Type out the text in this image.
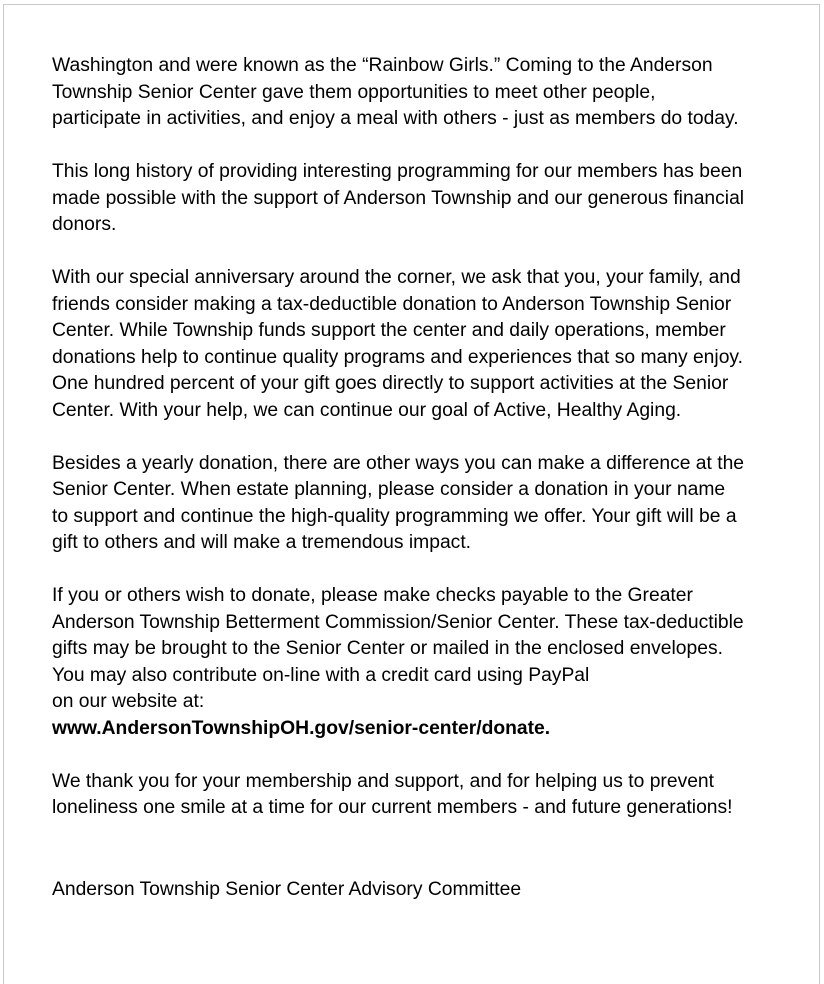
Washington and were known as the “Rainbow Girls.” Coming to the Anderson
Township Senior Center gave them opportunities to meet other people,
participate in activities, and enjoy a meal with others - just as members do today.

This long history of providing interesting programming for our members has been
made possible with the support of Anderson Township and our generous financial
donors.

With our special anniversary around the corner, we ask that you, your family, and
friends consider making a tax-deductible donation to Anderson Township Senior
Center. While Township funds support the center and daily operations, member
donations help to continue quality programs and experiences that so many enjoy.
One hundred percent of your gift goes directly to support activities at the Senior
Center. With your help, we can continue our goal of Active, Healthy Aging.

Besides a yearly donation, there are other ways you can make a difference at the
Senior Center. When estate planning, please consider a donation in your name
to support and continue the high-quality programming we offer. Your gift will be a
gift to others and will make a tremendous impact.

If you or others wish to donate, please make checks payable to the Greater
Anderson Township Betterment Commission/Senior Center. These tax-deductible
gifts may be brought to the Senior Center or mailed in the enclosed envelopes.
You may also contribute on-line with a credit card using PayPal
on our website at:
www.AndersonTownshipOH.gov/senior-center/donate.

We thank you for your membership and support, and for helping us to prevent
loneliness one smile at a time for our current members - and future generations!

Anderson Township Senior Center Advisory Committee
